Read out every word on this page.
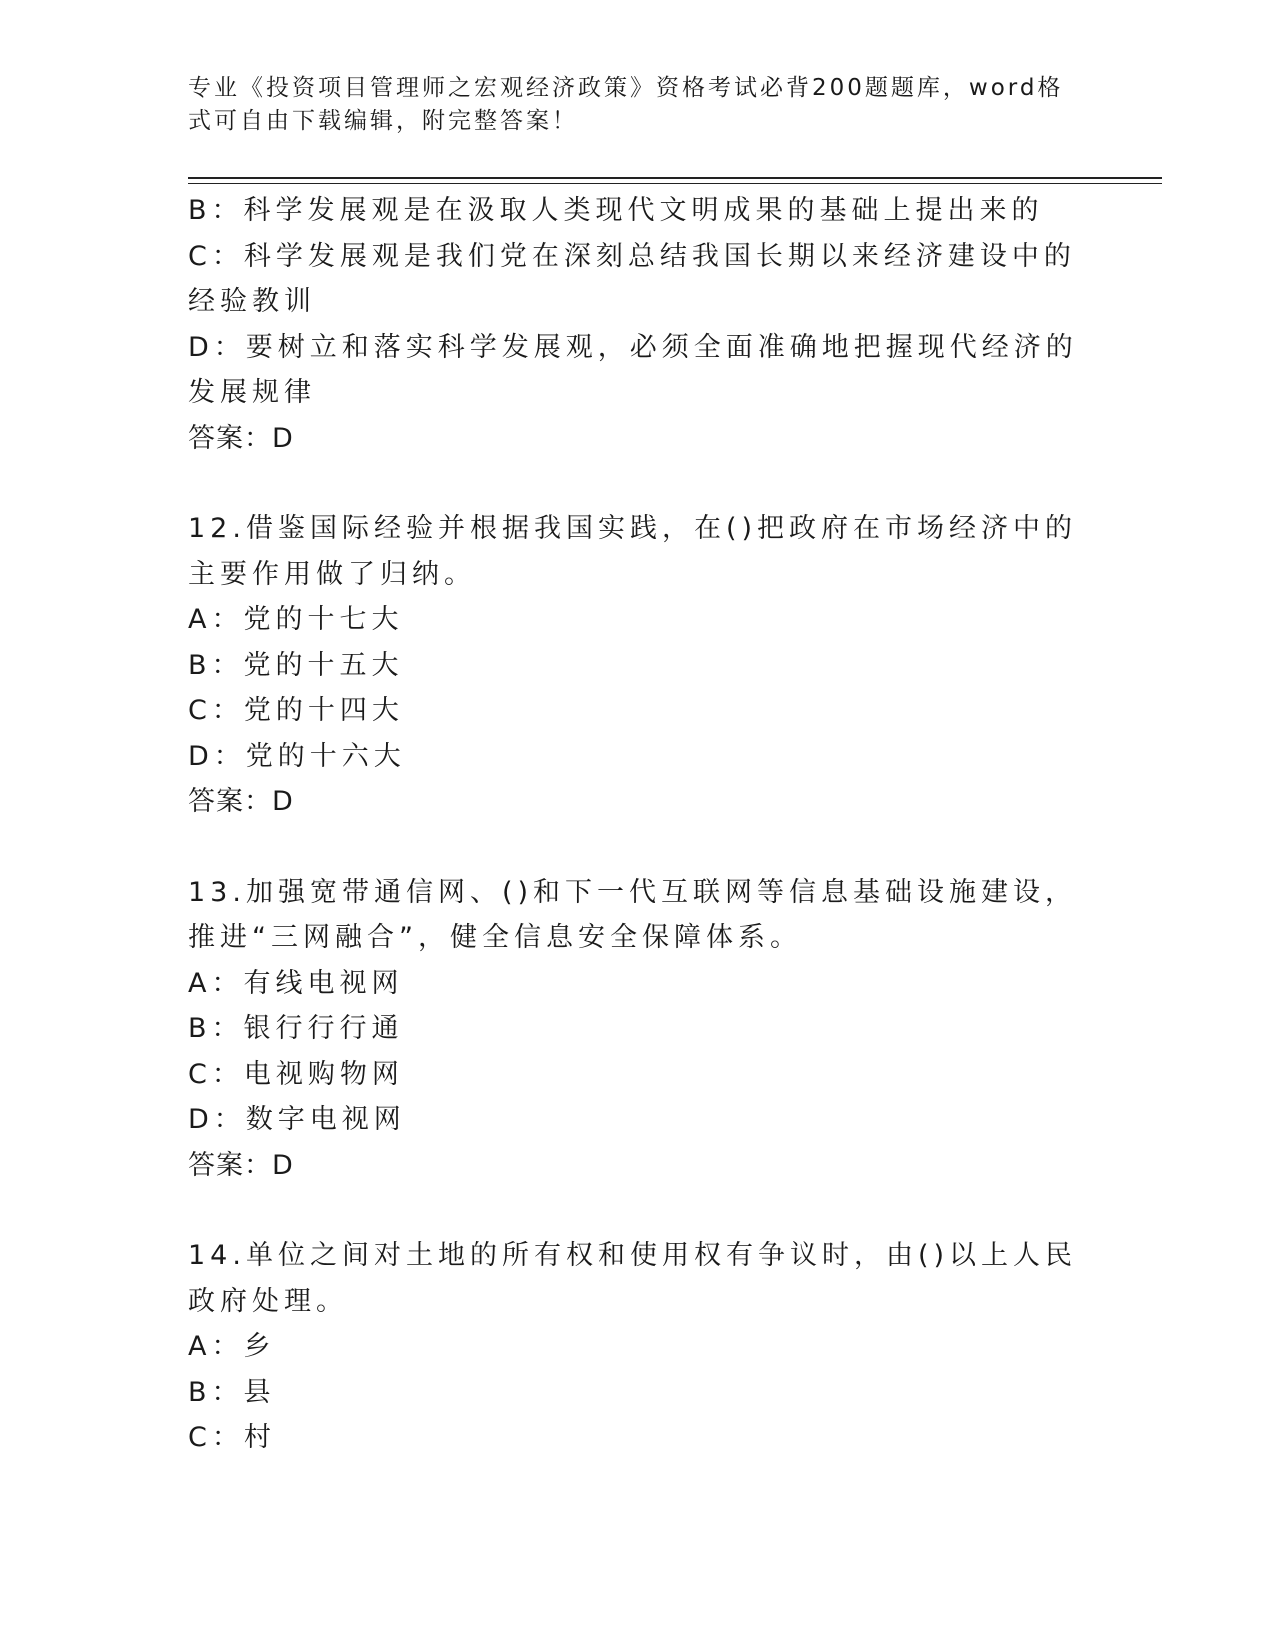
专业《投资项目管理师之宏观经济政策》资格考试必背200题题库，word格式可自由下载编辑，附完整答案！

B：科学发展观是在汲取人类现代文明成果的基础上提出来的

C：科学发展观是我们党在深刻总结我国长期以来经济建设中的经验教训

D：要树立和落实科学发展观，必须全面准确地把握现代经济的发展规律

答案：D

12.借鉴国际经验并根据我国实践，在()把政府在市场经济中的主要作用做了归纳。

A：党的十七大

B：党的十五大

C：党的十四大

D：党的十六大

答案：D

13.加强宽带通信网、()和下一代互联网等信息基础设施建设，推进“三网融合”，健全信息安全保障体系。

A：有线电视网

B：银行行行通

C：电视购物网

D：数字电视网

答案：D

14.单位之间对土地的所有权和使用权有争议时，由()以上人民政府处理。

A：乡

B：县

C：村
